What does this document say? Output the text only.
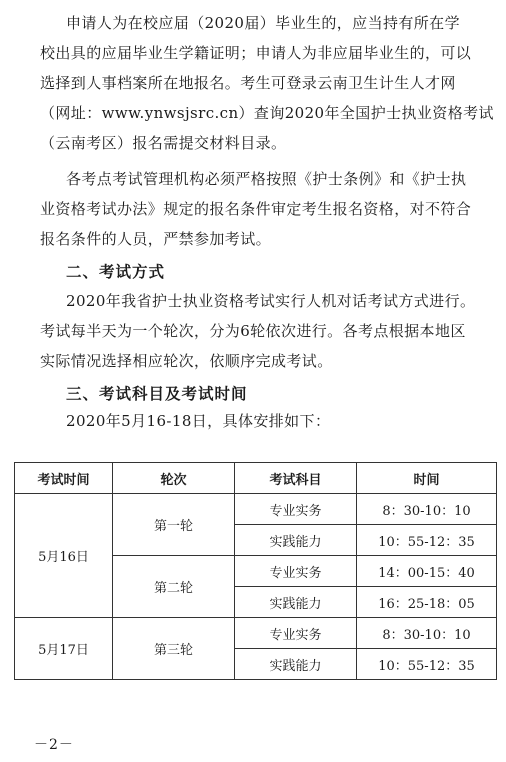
申请人为在校应届（2020届）毕业生的，应当持有所在学
校出具的应届毕业生学籍证明；申请人为非应届毕业生的，可以
选择到人事档案所在地报名。考生可登录云南卫生计生人才网
（网址：www.ynwsjsrc.cn）查询2020年全国护士执业资格考试
（云南考区）报名需提交材料目录。

各考点考试管理机构必须严格按照《护士条例》和《护士执
业资格考试办法》规定的报名条件审定考生报名资格，对不符合
报名条件的人员，严禁参加考试。

二、考试方式

2020年我省护士执业资格考试实行人机对话考试方式进行。
考试每半天为一个轮次，分为6轮依次进行。各考点根据本地区
实际情况选择相应轮次，依顺序完成考试。

三、考试科目及考试时间

2020年5月16-18日，具体安排如下：

考试时间	轮次	考试科目	时间
5月16日	第一轮	专业实务	8：30-10：10
		实践能力	10：55-12：35
	第二轮	专业实务	14：00-15：40
		实践能力	16：25-18：05
5月17日	第三轮	专业实务	8：30-10：10
		实践能力	10：55-12：35
－2－
